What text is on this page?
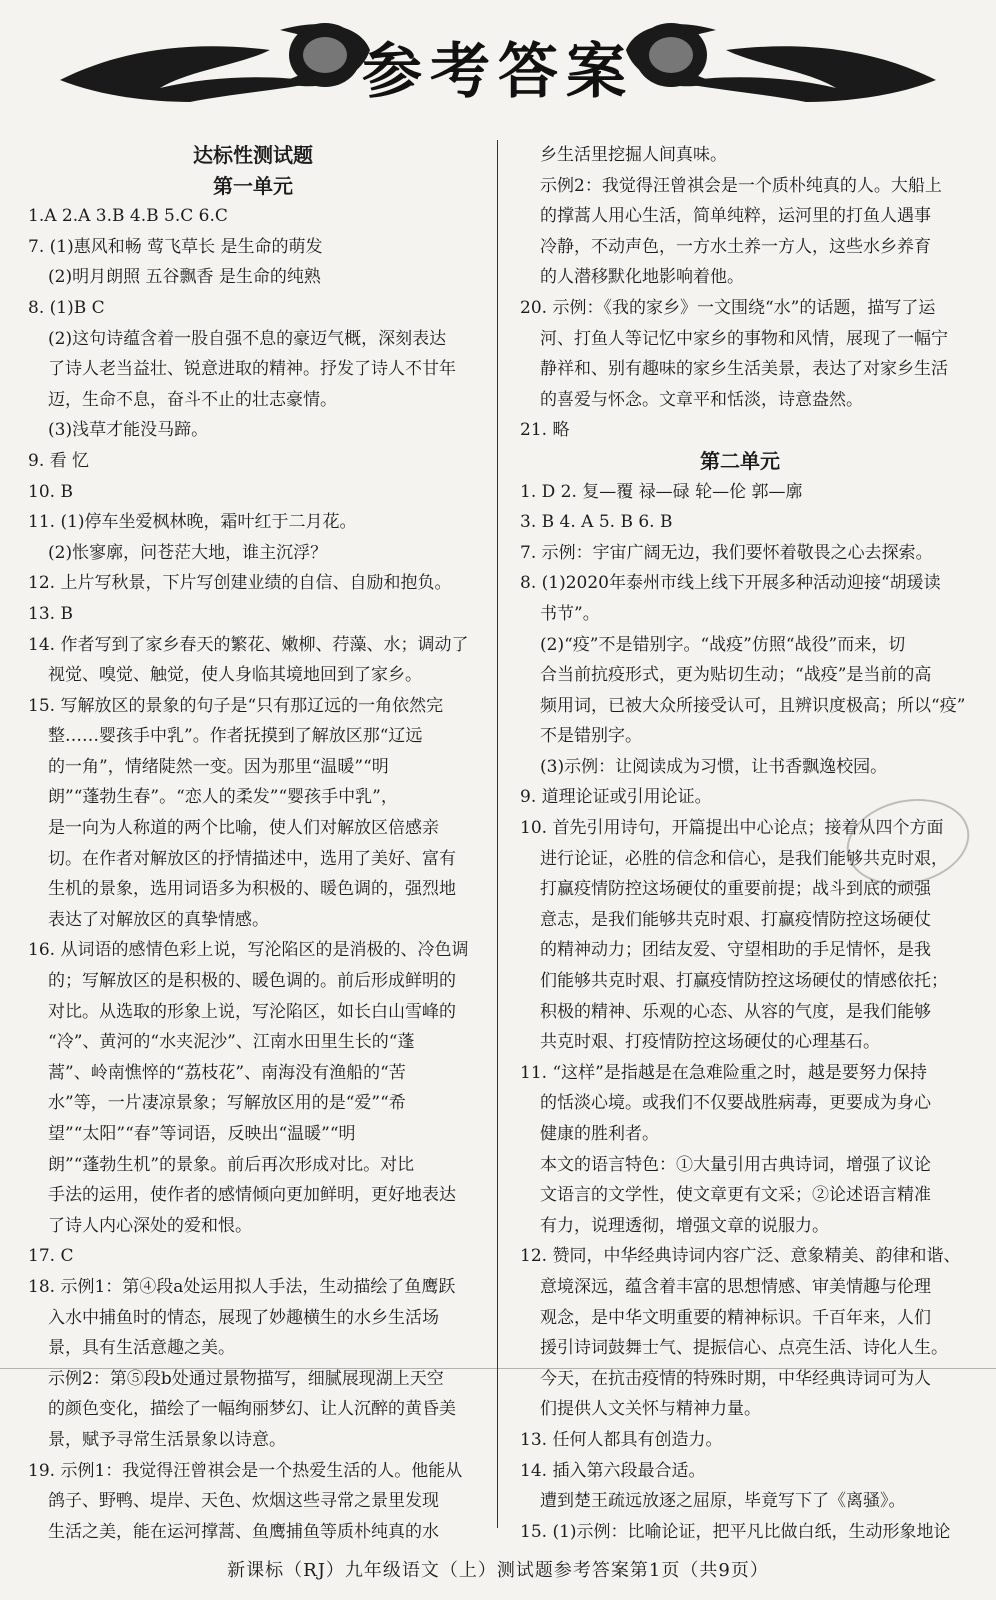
参考答案

达标性测试题

第一单元

1.A 2.A 3.B 4.B 5.C 6.C

7. (1)惠风和畅 莺飞草长 是生命的萌发

(2)明月朗照 五谷飘香 是生命的纯熟

8. (1)B C

(2)这句诗蕴含着一股自强不息的豪迈气概，深刻表达

了诗人老当益壮、锐意进取的精神。抒发了诗人不甘年

迈，生命不息，奋斗不止的壮志豪情。

(3)浅草才能没马蹄。

9. 看 忆

10. B

11. (1)停车坐爱枫林晚，霜叶红于二月花。

(2)怅寥廓，问苍茫大地，谁主沉浮？

12. 上片写秋景，下片写创建业绩的自信、自励和抱负。

13. B

14. 作者写到了家乡春天的繁花、嫩柳、荇藻、水；调动了

视觉、嗅觉、触觉，使人身临其境地回到了家乡。

15. 写解放区的景象的句子是“只有那辽远的一角依然完

整……婴孩手中乳”。作者抚摸到了解放区那“辽远

的一角”，情绪陡然一变。因为那里“温暖”“明

朗”“蓬勃生春”。“恋人的柔发”“婴孩手中乳”，

是一向为人称道的两个比喻，使人们对解放区倍感亲

切。在作者对解放区的抒情描述中，选用了美好、富有

生机的景象，选用词语多为积极的、暖色调的，强烈地

表达了对解放区的真挚情感。

16. 从词语的感情色彩上说，写沦陷区的是消极的、冷色调

的；写解放区的是积极的、暖色调的。前后形成鲜明的

对比。从选取的形象上说，写沦陷区，如长白山雪峰的

“冷”、黄河的“水夹泥沙”、江南水田里生长的“蓬

蒿”、岭南憔悴的“荔枝花”、南海没有渔船的“苦

水”等，一片凄凉景象；写解放区用的是“爱”“希

望”“太阳”“春”等词语，反映出“温暖”“明

朗”“蓬勃生机”的景象。前后再次形成对比。对比

手法的运用，使作者的感情倾向更加鲜明，更好地表达

了诗人内心深处的爱和恨。

17. C

18. 示例1：第④段a处运用拟人手法，生动描绘了鱼鹰跃

入水中捕鱼时的情态，展现了妙趣横生的水乡生活场

景，具有生活意趣之美。

示例2：第⑤段b处通过景物描写，细腻展现湖上天空

的颜色变化，描绘了一幅绚丽梦幻、让人沉醉的黄昏美

景，赋予寻常生活景象以诗意。

19. 示例1：我觉得汪曾祺会是一个热爱生活的人。他能从

鸽子、野鸭、堤岸、天色、炊烟这些寻常之景里发现

生活之美，能在运河撑蒿、鱼鹰捕鱼等质朴纯真的水

乡生活里挖掘人间真味。

示例2：我觉得汪曾祺会是一个质朴纯真的人。大船上

的撑蒿人用心生活，简单纯粹，运河里的打鱼人遇事

冷静，不动声色，一方水土养一方人，这些水乡养育

的人潜移默化地影响着他。

20. 示例：《我的家乡》一文围绕“水”的话题，描写了运

河、打鱼人等记忆中家乡的事物和风情，展现了一幅宁

静祥和、别有趣味的家乡生活美景，表达了对家乡生活

的喜爱与怀念。文章平和恬淡，诗意盎然。

21. 略

第二单元

1. D 2. 复—覆 禄—碌 轮—伦 郭—廓

3. B 4. A 5. B 6. B

7. 示例：宇宙广阔无边，我们要怀着敬畏之心去探索。

8. (1)2020年泰州市线上线下开展多种活动迎接“胡瑗读

书节”。

(2)“疫”不是错别字。“战疫”仿照“战役”而来，切

合当前抗疫形式，更为贴切生动；“战疫”是当前的高

频用词，已被大众所接受认可，且辨识度极高；所以“疫”

不是错别字。

(3)示例：让阅读成为习惯，让书香飘逸校园。

9. 道理论证或引用论证。

10. 首先引用诗句，开篇提出中心论点；接着从四个方面

进行论证，必胜的信念和信心，是我们能够共克时艰，

打赢疫情防控这场硬仗的重要前提；战斗到底的顽强

意志，是我们能够共克时艰、打赢疫情防控这场硬仗

的精神动力；团结友爱、守望相助的手足情怀，是我

们能够共克时艰、打赢疫情防控这场硬仗的情感依托；

积极的精神、乐观的心态、从容的气度，是我们能够

共克时艰、打疫情防控这场硬仗的心理基石。

11. “这样”是指越是在急难险重之时，越是要努力保持

的恬淡心境。或我们不仅要战胜病毒，更要成为身心

健康的胜利者。

本文的语言特色：①大量引用古典诗词，增强了议论

文语言的文学性，使文章更有文采；②论述语言精准

有力，说理透彻，增强文章的说服力。

12. 赞同，中华经典诗词内容广泛、意象精美、韵律和谐、

意境深远，蕴含着丰富的思想情感、审美情趣与伦理

观念，是中华文明重要的精神标识。千百年来，人们

援引诗词鼓舞士气、提振信心、点亮生活、诗化人生。

今天，在抗击疫情的特殊时期，中华经典诗词可为人

们提供人文关怀与精神力量。

13. 任何人都具有创造力。

14. 插入第六段最合适。

遭到楚王疏远放逐之屈原，毕竟写下了《离骚》。

15. (1)示例：比喻论证，把平凡比做白纸，生动形象地论

新课标（RJ）九年级语文（上）测试题参考答案第1页（共9页）
